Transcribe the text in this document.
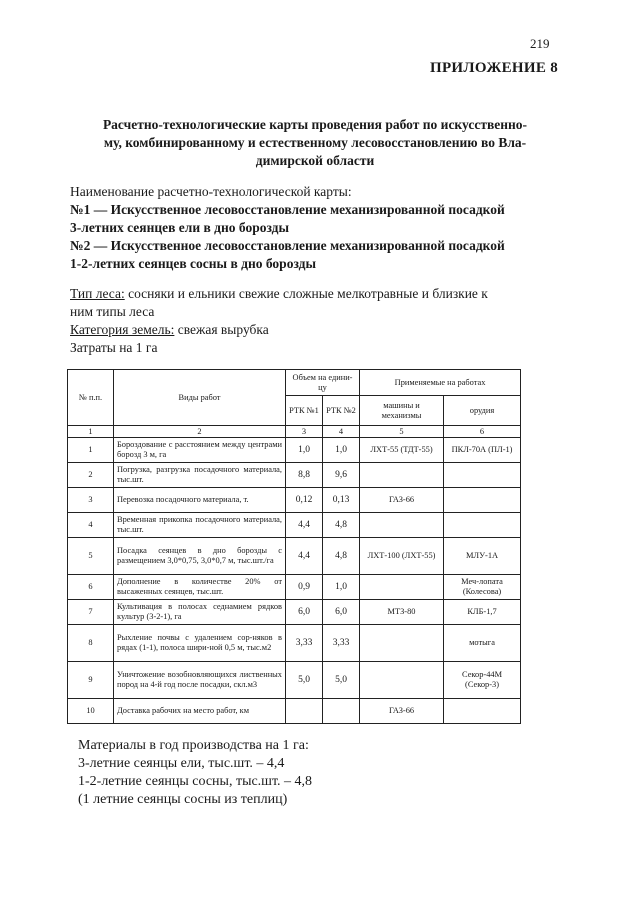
219
ПРИЛОЖЕНИЕ 8
Расчетно-технологические карты проведения работ по искусственно-
му, комбинированному и естественному лесовосстановлению во Вла-
димирской области
Наименование расчетно-технологической карты:
№1 — Искусственное лесовосстановление механизированной посадкой
3-летних сеянцев ели в дно борозды
№2 — Искусственное лесовосстановление механизированной посадкой
1-2-летних сеянцев сосны в дно борозды
Тип леса: сосняки и ельники свежие сложные мелкотравные и близкие к
ним типы леса
Категория земель: свежая вырубка
Затраты на 1 га
№ п.п.	Виды работ	Объем на едини-цу		Применяемые на работах	
		РТК №1	РТК №2	машины и механизмы	орудия
1	2	3	4	5	6
1	Бороздование с расстоянием между центрами борозд 3 м, га	1,0	1,0	ЛХТ-55 (ТДТ-55)	ПКЛ-70А (ПЛ-1)
2	Погрузка, разгрузка посадочного материала, тыс.шт.	8,8	9,6		
3	Перевозка посадочного материала, т.	0,12	0,13	ГАЗ-66	
4	Временная прикопка посадочного материала, тыс.шт.	4,4	4,8		
5	Посадка сеянцев в дно борозды с размещением 3,0*0,75, 3,0*0,7 м, тыс.шт./га	4,4	4,8	ЛХТ-100 (ЛХТ-55)	МЛУ-1А
6	Дополнение в количестве 20% от высаженных сеянцев, тыс.шт.	0,9	1,0		Меч-лопата (Колесова)
7	Культивация в полосах седнамием рядков культур (3-2-1), га	6,0	6,0	МТЗ-80	КЛБ-1,7
8	Рыхление почвы с удалением сор-няков в рядах (1-1), полоса шири-ной 0,5 м, тыс.м2	3,33	3,33		мотыга
9	Уничтожение возобновляющихся лиственных пород на 4-й год после посадки, скл.м3	5,0	5,0		Секор-44М (Секор-3)
10	Доставка рабочих на место работ, км			ГАЗ-66	
Материалы в год производства на 1 га:
3-летние сеянцы ели, тыс.шт. – 4,4
1-2-летние сеянцы сосны, тыс.шт. – 4,8
(1 летние сеянцы сосны из теплиц)
